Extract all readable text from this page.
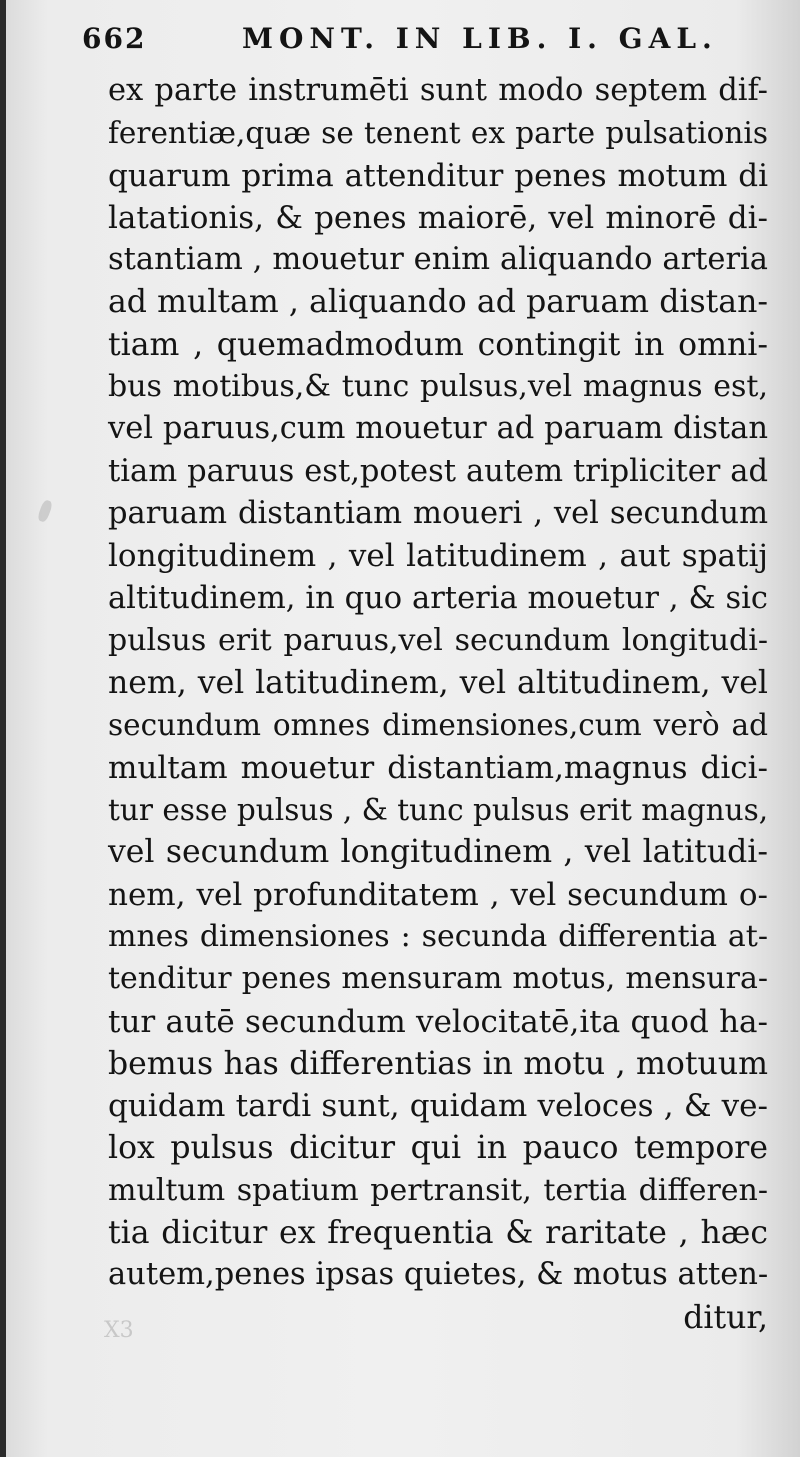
662	MONT. IN LIB. I. GAL.
ex parte instrumēti sunt modo septem dif-
ferentiæ,quæ se tenent ex parte pulsationis
quarum prima attenditur penes motum di
latationis, & penes maiorē, vel minorē di-
stantiam , mouetur enim aliquando arteria
ad multam , aliquando ad paruam distan-
tiam , quemadmodum contingit in omni-
bus motibus,& tunc pulsus,vel magnus est,
vel paruus,cum mouetur ad paruam distan
tiam paruus est,potest autem tripliciter ad
paruam distantiam moueri , vel secundum
longitudinem , vel latitudinem , aut spatij
altitudinem, in quo arteria mouetur , & sic
pulsus erit paruus,vel secundum longitudi-
nem, vel latitudinem, vel altitudinem, vel
secundum omnes dimensiones,cum verò ad
multam mouetur distantiam,magnus dici-
tur esse pulsus , & tunc pulsus erit magnus,
vel secundum longitudinem , vel latitudi-
nem, vel profunditatem , vel secundum o-
mnes dimensiones : secunda differentia at-
tenditur penes mensuram motus, mensura-
tur autē secundum velocitatē,ita quod ha-
bemus has differentias in motu , motuum
quidam tardi sunt, quidam veloces , & ve-
lox pulsus dicitur qui in pauco tempore
multum spatium pertransit, tertia differen-
tia dicitur ex frequentia & raritate , hæc
autem,penes ipsas quietes, & motus atten-
ditur,
X3
